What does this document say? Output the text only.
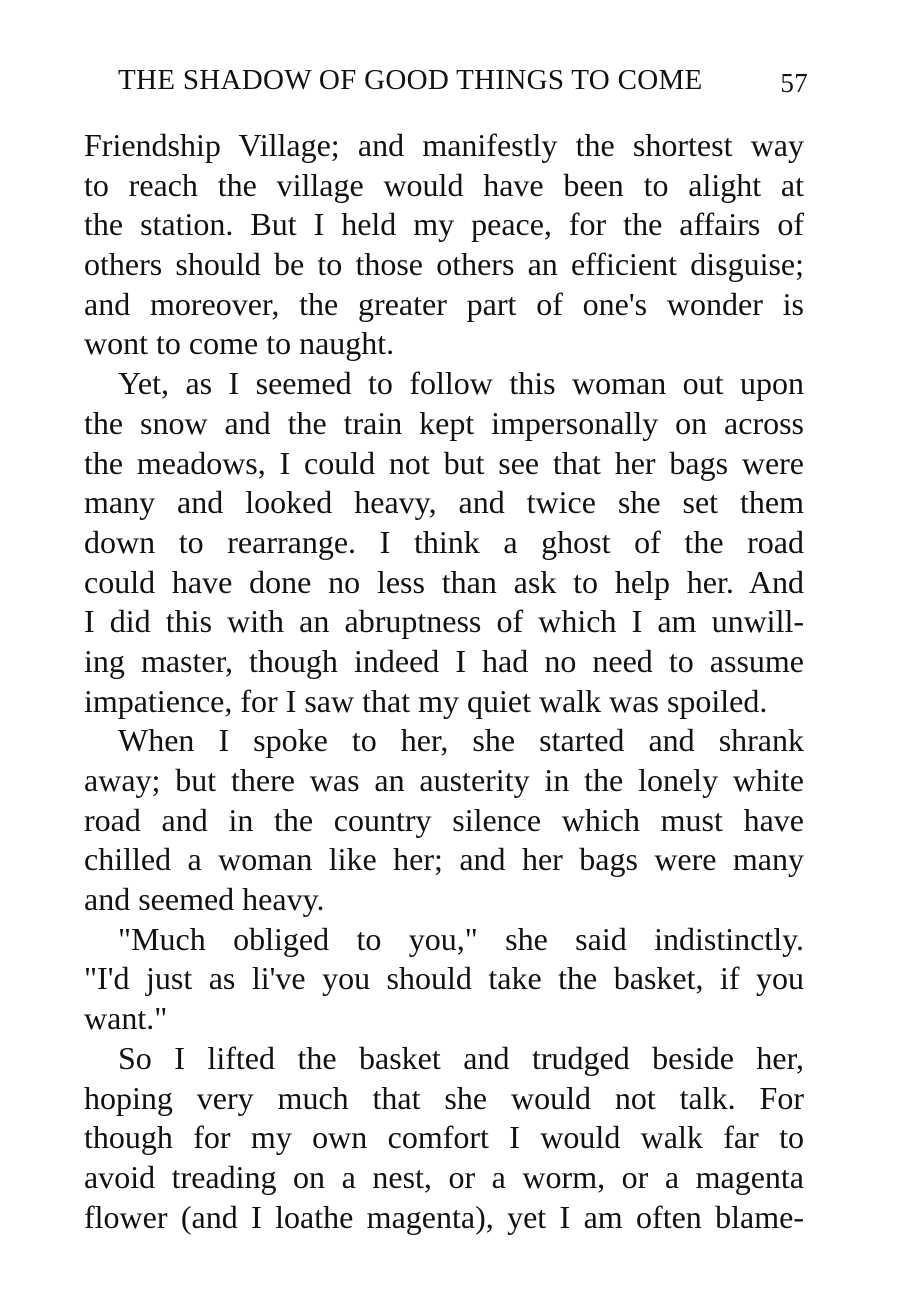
THE SHADOW OF GOOD THINGS TO COME	57
Friendship Village; and manifestly the shortest way
to reach the village would have been to alight at
the station. But I held my peace, for the affairs of
others should be to those others an efficient disguise;
and moreover, the greater part of one's wonder is
wont to come to naught.
Yet, as I seemed to follow this woman out upon
the snow and the train kept impersonally on across
the meadows, I could not but see that her bags were
many and looked heavy, and twice she set them
down to rearrange. I think a ghost of the road
could have done no less than ask to help her. And
I did this with an abruptness of which I am unwill-
ing master, though indeed I had no need to assume
impatience, for I saw that my quiet walk was spoiled.
When I spoke to her, she started and shrank
away; but there was an austerity in the lonely white
road and in the country silence which must have
chilled a woman like her; and her bags were many
and seemed heavy.
"Much obliged to you," she said indistinctly.
"I'd just as li've you should take the basket, if you
want."
So I lifted the basket and trudged beside her,
hoping very much that she would not talk. For
though for my own comfort I would walk far to
avoid treading on a nest, or a worm, or a magenta
flower (and I loathe magenta), yet I am often blame-
